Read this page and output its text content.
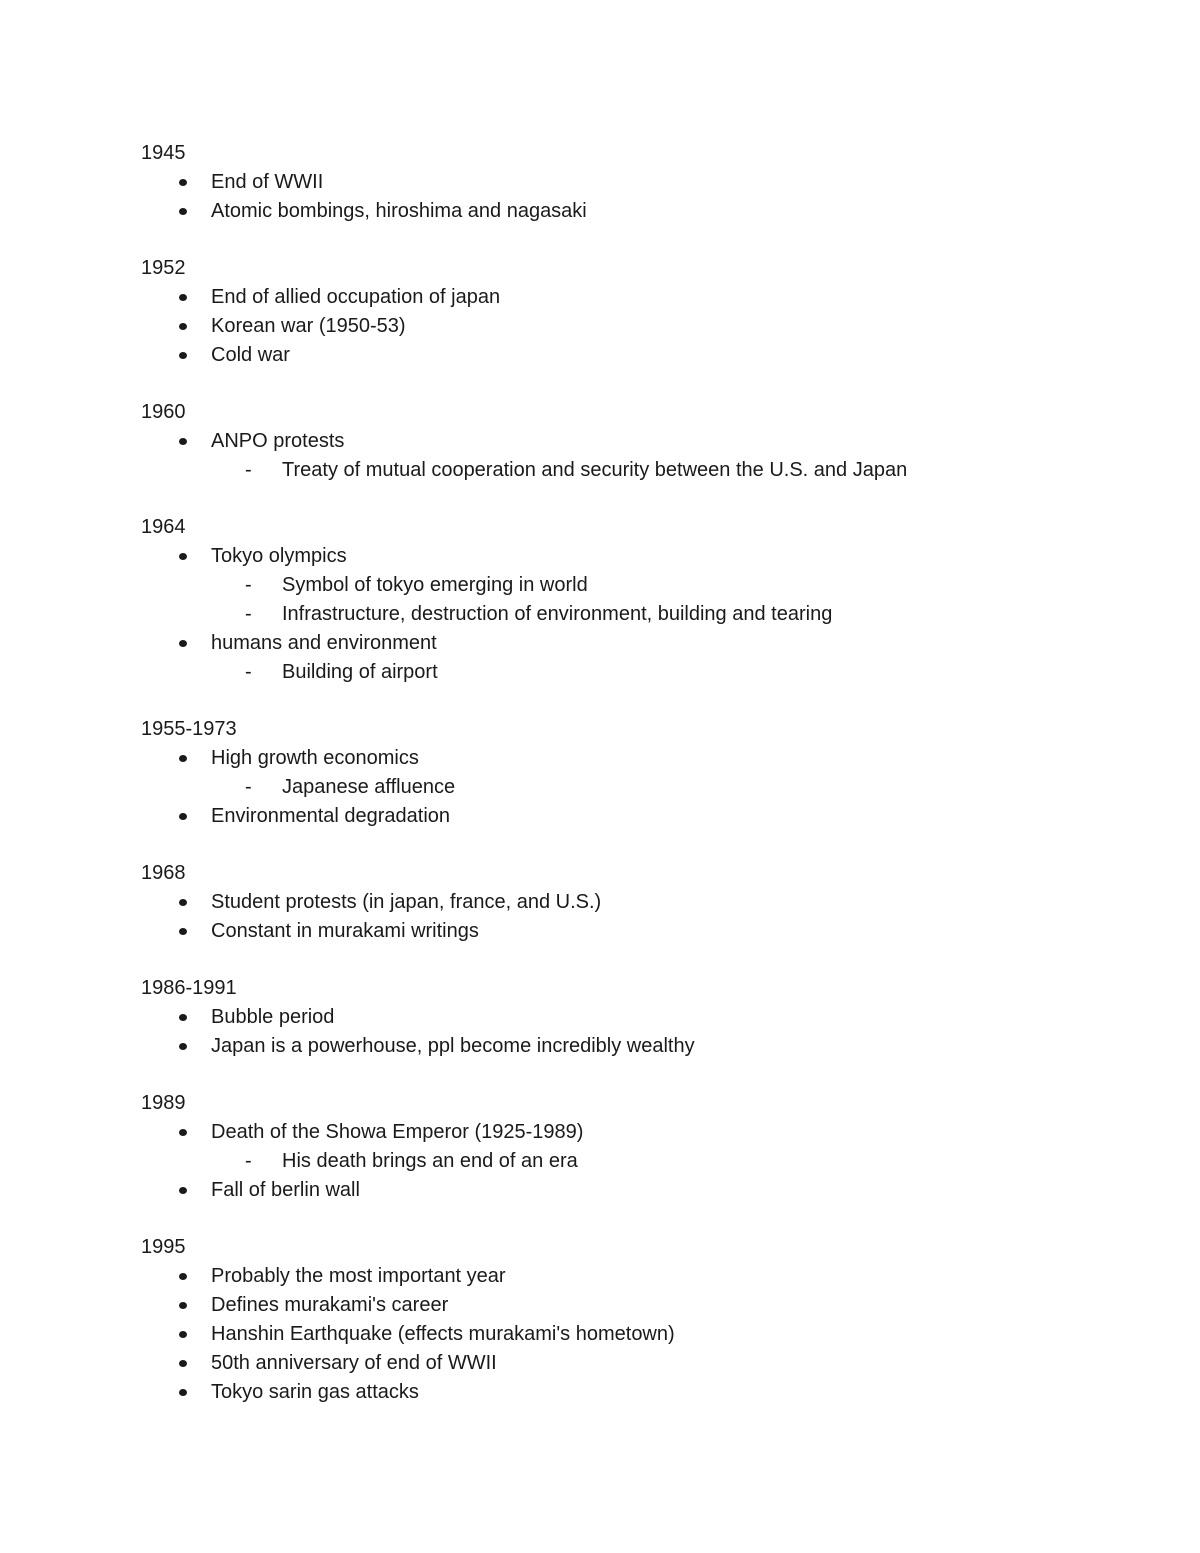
1945
End of WWII
Atomic bombings, hiroshima and nagasaki
1952
End of allied occupation of japan
Korean war (1950-53)
Cold war
1960
ANPO protests
- Treaty of mutual cooperation and security between the U.S. and Japan
1964
Tokyo olympics
- Symbol of tokyo emerging in world
- Infrastructure, destruction of environment, building and tearing
humans and environment
- Building of airport
1955-1973
High growth economics
- Japanese affluence
Environmental degradation
1968
Student protests (in japan, france, and U.S.)
Constant in murakami writings
1986-1991
Bubble period
Japan is a powerhouse, ppl become incredibly wealthy
1989
Death of the Showa Emperor (1925-1989)
- His death brings an end of an era
Fall of berlin wall
1995
Probably the most important year
Defines murakami's career
Hanshin Earthquake (effects murakami's hometown)
50th anniversary of end of WWII
Tokyo sarin gas attacks
